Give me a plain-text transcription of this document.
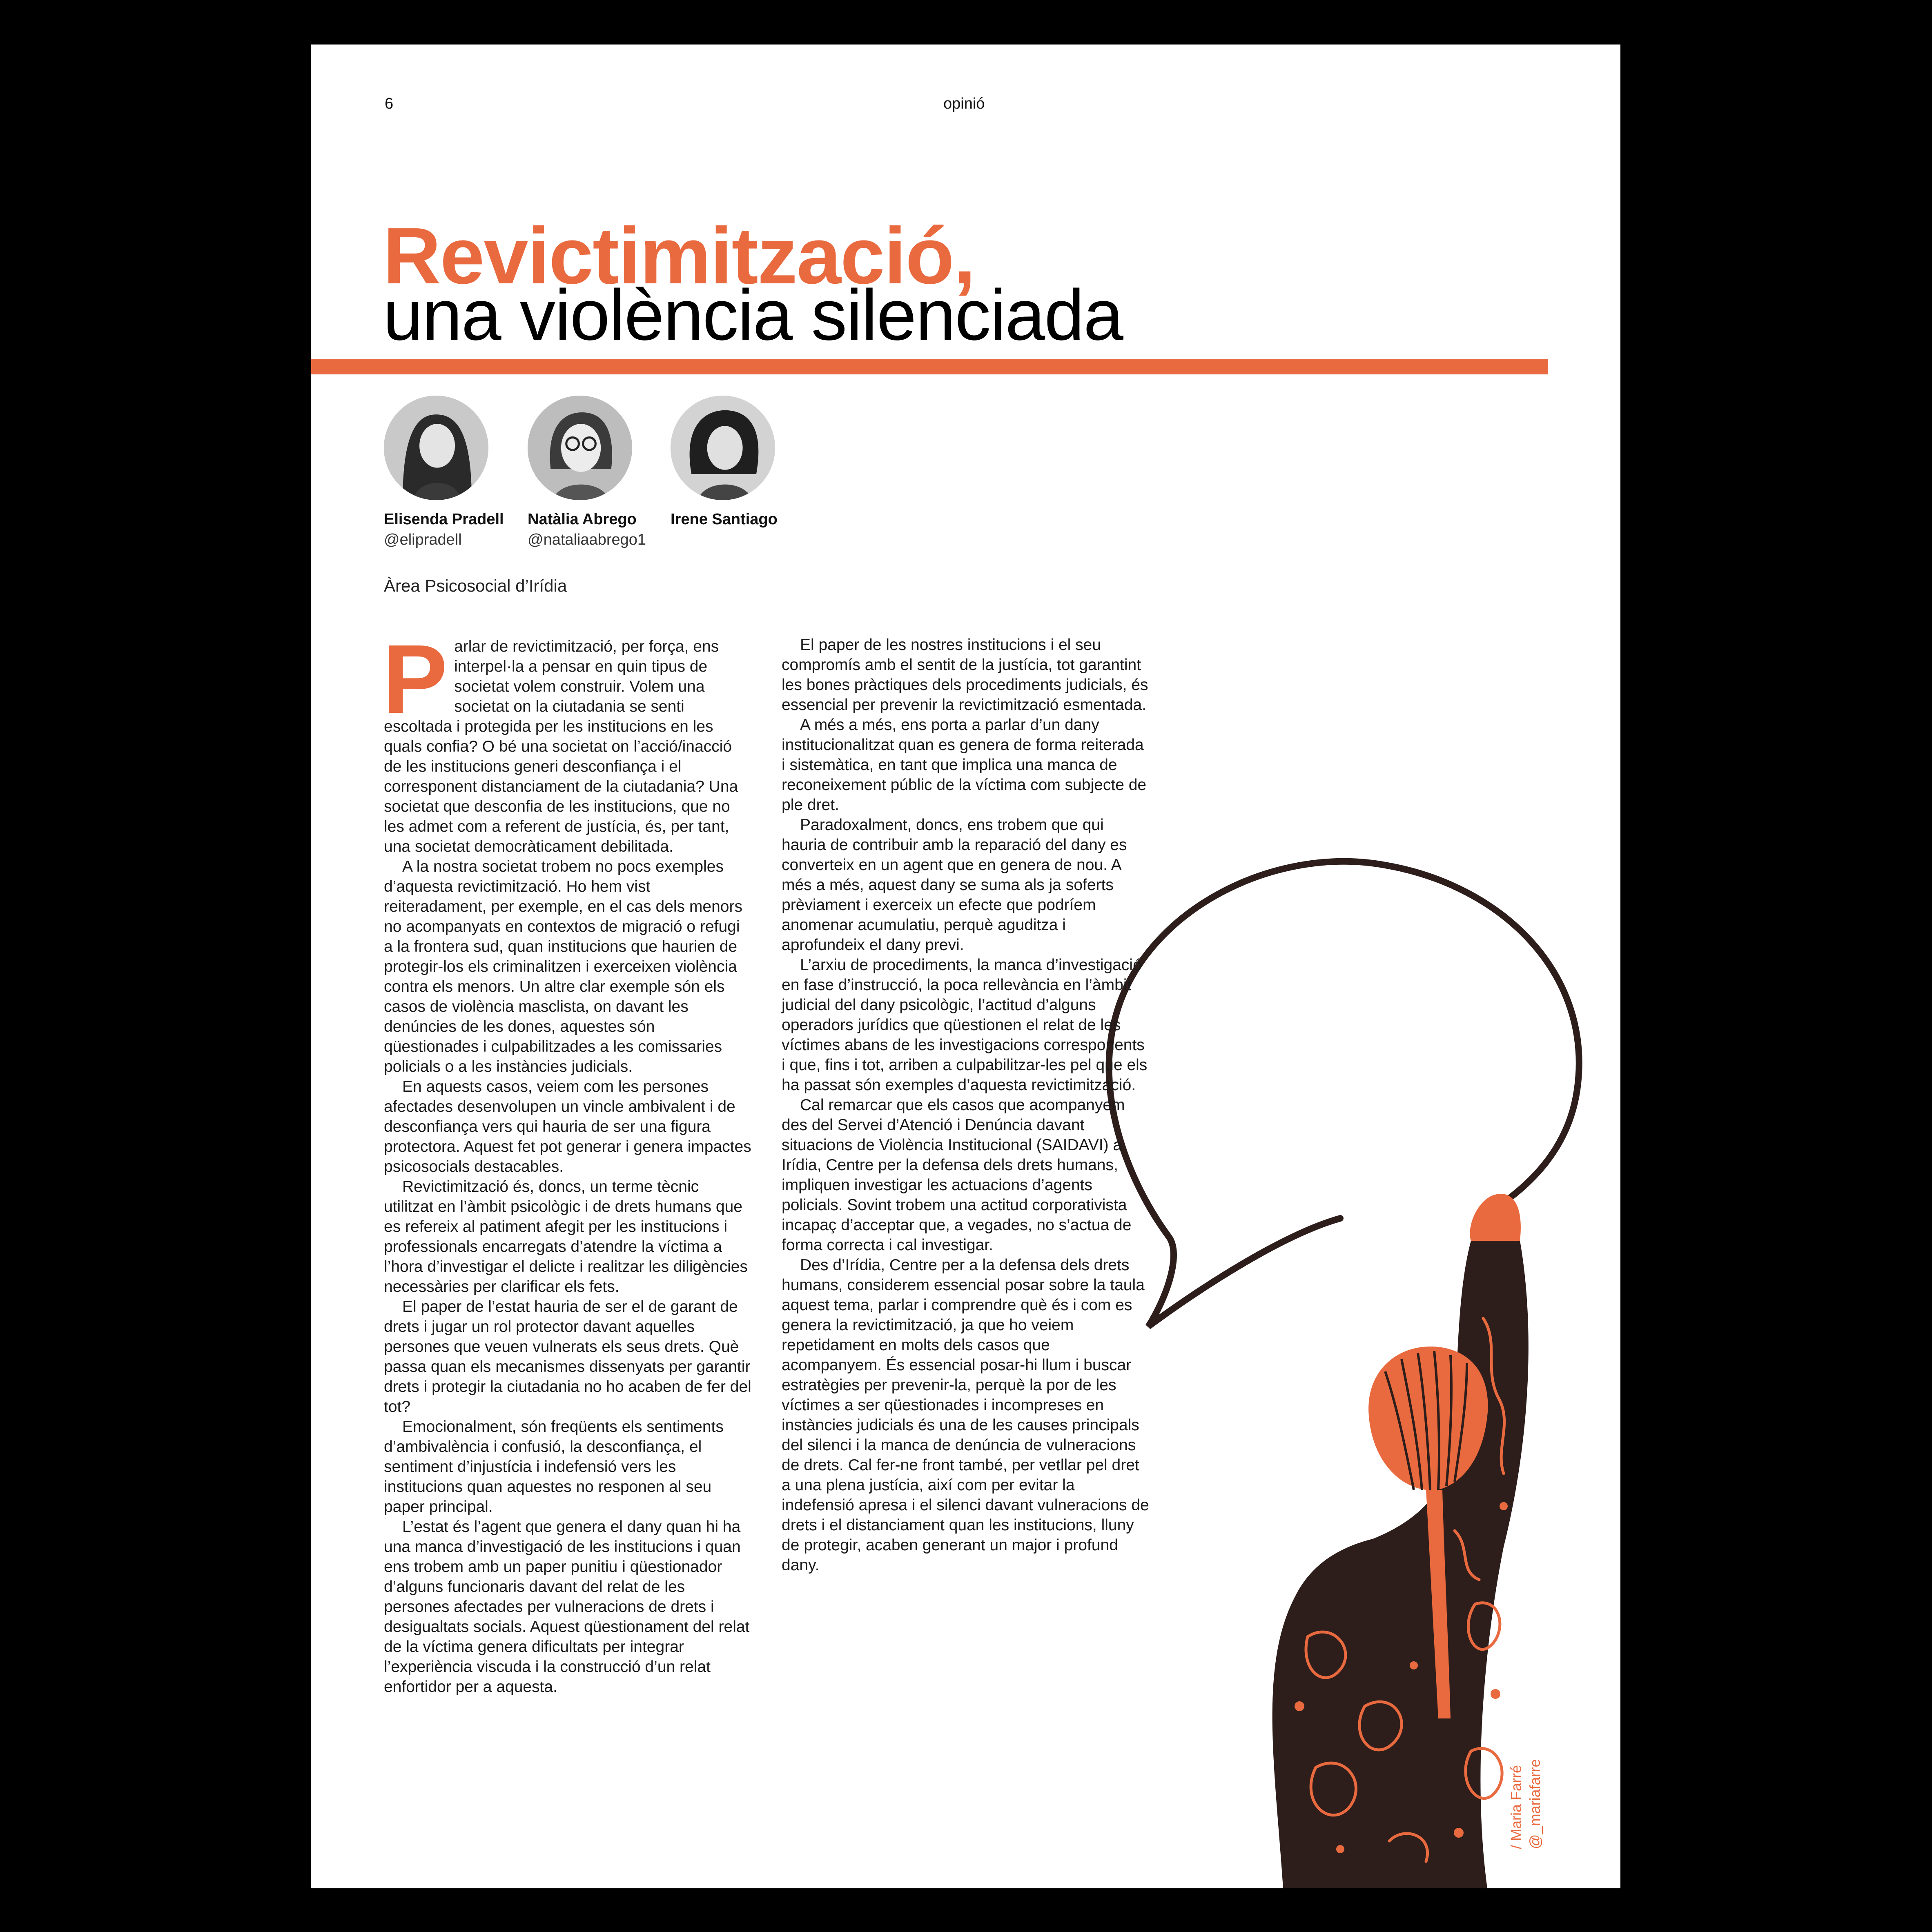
6	opinió
Revictimització,
una violència silenciada
Elisenda Pradell
@elipradell
Natàlia Abrego
@nataliaabrego1
Irene Santiago
Àrea Psicosocial d’Irídia
P arlar de revictimització, per força, ens interpel·la a pensar en quin tipus de societat volem construir. Volem una societat on la ciutadania se senti escoltada i protegida per les institucions en les quals confia? O bé una societat on l’acció/inacció de les institucions generi desconfiança i el corresponent distanciament de la ciutadania? Una societat que desconfia de les institucions, que no les admet com a referent de justícia, és, per tant, una societat democràticament debilitada.

A la nostra societat trobem no pocs exemples d’aquesta revictimització. Ho hem vist reiteradament, per exemple, en el cas dels menors no acompanyats en contextos de migració o refugi a la frontera sud, quan institucions que haurien de protegir-los els criminalitzen i exerceixen violència contra els menors. Un altre clar exemple són els casos de violència masclista, on davant les denúncies de les dones, aquestes són qüestionades i culpabilitzades a les comissaries policials o a les instàncies judicials.

En aquests casos, veiem com les persones afectades desenvolupen un vincle ambivalent i de desconfiança vers qui hauria de ser una figura protectora. Aquest fet pot generar i genera impactes psicosocials destacables.

Revictimització és, doncs, un terme tècnic utilitzat en l’àmbit psicològic i de drets humans que es refereix al patiment afegit per les institucions i professionals encarregats d’atendre la víctima a l’hora d’investigar el delicte i realitzar les diligències necessàries per clarificar els fets.

El paper de l’estat hauria de ser el de garant de drets i jugar un rol protector davant aquelles persones que veuen vulnerats els seus drets. Què passa quan els mecanismes dissenyats per garantir drets i protegir la ciutadania no ho acaben de fer del tot?

Emocionalment, són freqüents els sentiments d’ambivalència i confusió, la desconfiança, el sentiment d’injustícia i indefensió vers les institucions quan aquestes no responen al seu paper principal.

L’estat és l’agent que genera el dany quan hi ha una manca d’investigació de les institucions i quan ens trobem amb un paper punitiu i qüestionador d’alguns funcionaris davant del relat de les persones afectades per vulneracions de drets i desigualtats socials. Aquest qüestionament del relat de la víctima genera dificultats per integrar l’experiència viscuda i la construcció d’un relat enfortidor per a aquesta.

El paper de les nostres institucions i el seu compromís amb el sentit de la justícia, tot garantint les bones pràctiques dels procediments judicials, és essencial per prevenir la revictimització esmentada.

A més a més, ens porta a parlar d’un dany institucionalitzat quan es genera de forma reiterada i sistemàtica, en tant que implica una manca de reconeixement públic de la víctima com subjecte de ple dret.

Paradoxalment, doncs, ens trobem que qui hauria de contribuir amb la reparació del dany es converteix en un agent que en genera de nou. A més a més, aquest dany se suma als ja soferts prèviament i exerceix un efecte que podríem anomenar acumulatiu, perquè aguditza i aprofundeix el dany previ.

L’arxiu de procediments, la manca d’investigació en fase d’instrucció, la poca rellevància en l’àmbit judicial del dany psicològic, l’actitud d’alguns operadors jurídics que qüestionen el relat de les víctimes abans de les investigacions corresponents i que, fins i tot, arriben a culpabilitzar-les pel que els ha passat són exemples d’aquesta revictimització.

Cal remarcar que els casos que acompanyem des del Servei d’Atenció i Denúncia davant situacions de Violència Institucional (SAIDAVI) a Irídia, Centre per la defensa dels drets humans, impliquen investigar les actuacions d’agents policials. Sovint trobem una actitud corporativista incapaç d’acceptar que, a vegades, no s’actua de forma correcta i cal investigar.

Des d’Irídia, Centre per a la defensa dels drets humans, considerem essencial posar sobre la taula aquest tema, parlar i comprendre què és i com es genera la revictimització, ja que ho veiem repetidament en molts dels casos que acompanyem. És essencial posar-hi llum i buscar estratègies per prevenir-la, perquè la por de les víctimes a ser qüestionades i incompreses en instàncies judicials és una de les causes principals del silenci i la manca de denúncia de vulneracions de drets. Cal fer-ne front també, per vetllar pel dret a una plena justícia, així com per evitar la indefensió apresa i el silenci davant vulneracions de drets i el distanciament quan les institucions, lluny de protegir, acaben generant un major i profund dany.

/ Maria Farré @_mariafarre
